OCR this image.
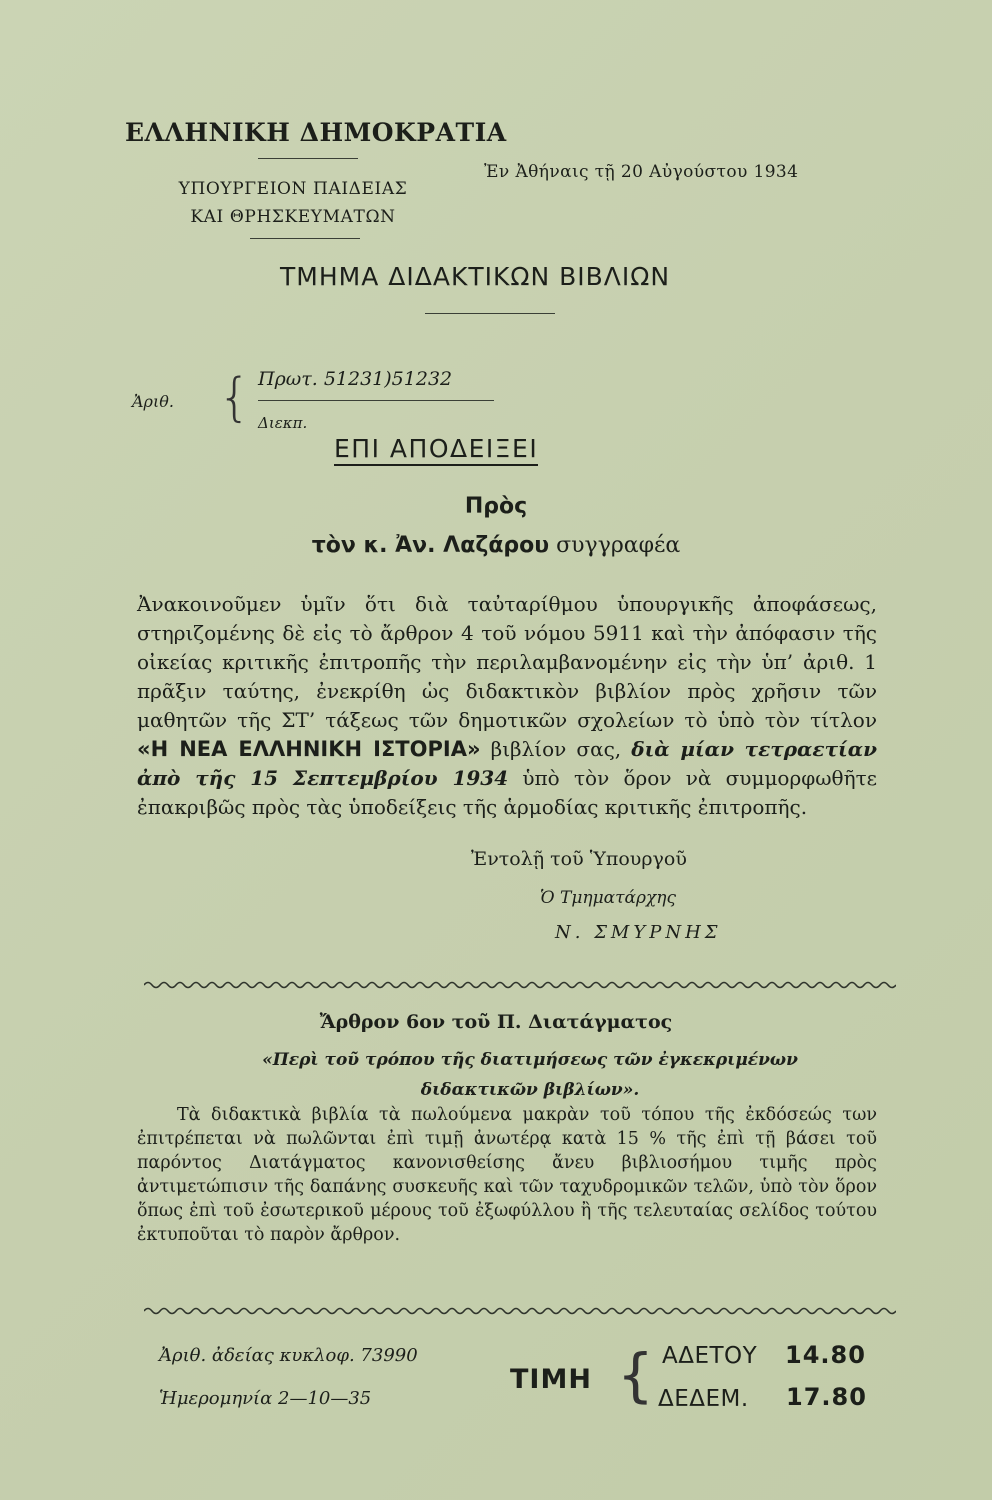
ΕΛΛΗΝΙΚΗ ΔΗΜΟΚΡΑΤΙΑ
ΥΠΟΥΡΓΕΙΟΝ ΠΑΙΔΕΙΑΣ
ΚΑΙ ΘΡΗΣΚΕΥΜΑΤΩΝ
Ἐν Ἀθήναις τῇ 20 Αὐγούστου 1934
ΤΜΗΜΑ ΔΙΔΑΚΤΙΚΩΝ ΒΙΒΛΙΩΝ
Ἀριθ. { Πρωτ. 51231)51232
Διεκπ.
ΕΠΙ ΑΠΟΔΕΙΞΕΙ
Πρὸς
τὸν κ. Ἀν. Λαζάρου συγγραφέα
Ἀνακοινοῦμεν ὑμῖν ὅτι διὰ ταὐταρίθμου ὑπουργικῆς ἀποφάσεως, στηριζομένης δὲ εἰς τὸ ἄρθρον 4 τοῦ νόμου 5911 καὶ τὴν ἀπόφασιν τῆς οἰκείας κριτικῆς ἐπιτροπῆς τὴν περιλαμβανομένην εἰς τὴν ὑπ’ ἀριθ. 1 πρᾶξιν ταύτης, ἐνεκρίθη ὡς διδακτικὸν βιβλίον πρὸς χρῆσιν τῶν μαθητῶν τῆς ΣΤ’ τάξεως τῶν δημοτικῶν σχολείων τὸ ὑπὸ τὸν τίτλον «Η ΝΕΑ ΕΛΛΗΝΙΚΗ ΙΣΤΟΡΙΑ» βιβλίον σας, διὰ μίαν τετραετίαν ἀπὸ τῆς 15 Σεπτεμβρίου 1934 ὑπὸ τὸν ὅρον νὰ συμμορφωθῆτε ἐπακριβῶς πρὸς τὰς ὑποδείξεις τῆς ἁρμοδίας κριτικῆς ἐπιτροπῆς.
Ἐντολῇ τοῦ Ὑπουργοῦ
Ὁ Τμηματάρχης
Ν. ΣΜΥΡΝΗΣ
Ἄρθρον 6ον τοῦ Π. Διατάγματος
«Περὶ τοῦ τρόπου τῆς διατιμήσεως τῶν ἐγκεκριμένων διδακτικῶν βιβλίων».
Τὰ διδακτικὰ βιβλία τὰ πωλούμενα μακρὰν τοῦ τόπου τῆς ἐκδόσεώς των ἐπιτρέπεται νὰ πωλῶνται ἐπὶ τιμῇ ἀνωτέρᾳ κατὰ 15 % τῆς ἐπὶ τῇ βάσει τοῦ παρόντος Διατάγματος κανονισθείσης ἄνευ βιβλιοσήμου τιμῆς πρὸς ἀντιμετώπισιν τῆς δαπάνης συσκευῆς καὶ τῶν ταχυδρομικῶν τελῶν, ὑπὸ τὸν ὅρον ὅπως ἐπὶ τοῦ ἐσωτερικοῦ μέρους τοῦ ἐξωφύλλου ἢ τῆς τελευταίας σελίδος τούτου ἐκτυποῦται τὸ παρὸν ἄρθρον.
Ἀριθ. ἀδείας κυκλοφ. 73990
Ἡμερομηνία 2—10—35
ΤΙΜΗ { ΑΔΕΤΟΥ 14.80
ΔΕΔΕΜ. 17.80
